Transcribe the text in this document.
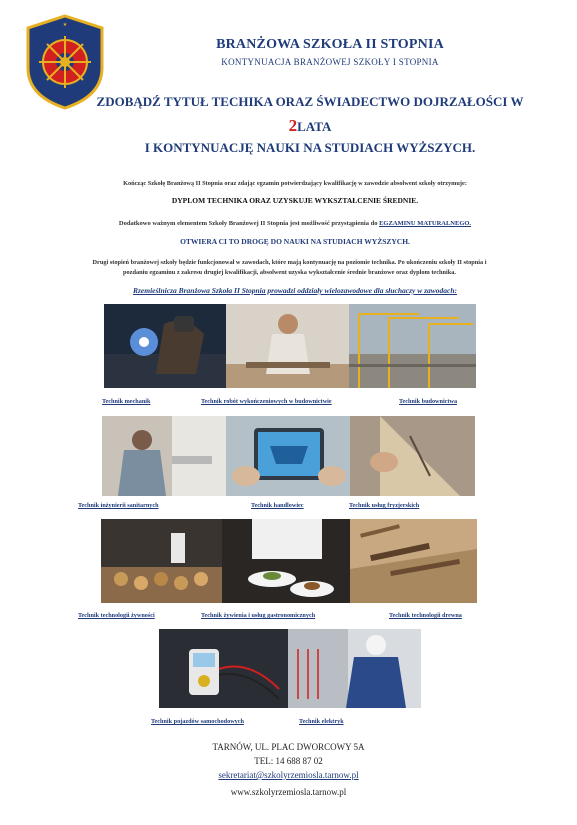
★
BRANŻOWA SZKOŁA II STOPNIA
KONTYNUACJA BRANŻOWEJ SZKOŁY I STOPNIA
ZDOBĄDŹ TYTUŁ TECHIKA ORAZ ŚWIADECTWO DOJRZAŁOŚCI W
2LATA
I KONTYNUACJĘ NAUKI NA STUDIACH WYŻSZYCH.
Kończąc Szkołę Branżową II Stopnia oraz zdając egzamin potwierdzający kwalifikację w zawodzie absolwent szkoły otrzymuje:
DYPLOM TECHNIKA ORAZ UZYSKUJE WYKSZTAŁCENIE ŚREDNIE.
Dodatkowo ważnym elementem Szkoły Branżowej II Stopnia jest możliwość przystąpienia do EGZAMINU MATURALNEGO.
OTWIERA CI TO DROGĘ DO NAUKI NA STUDIACH WYŻSZYCH.
Drugi stopień branżowej szkoły będzie funkcjonował w zawodach, które mają kontynuację na poziomie technika. Po ukończeniu szkoły II stopnia i
pozdaniu egzaminu z zakresu drugiej kwalifikacji, absolwent uzyska wykształcenie średnie branżowe oraz dyplom technika.
Rzemieślnicza Branżowa Szkoła II Stopnia prowadzi oddziały wielozawodowe dla słuchaczy w zawodach:
Technik mechanik	Technik robót wykończeniowych w budownictwie	Technik budownictwa
Technik inżynierii sanitarnych	Technik handlowiec	Technik usług fryzjerskich
Technik technologii żywności	Technik żywienia i usług gastronomicznych	Technik technologii drewna
Technik pojazdów samochodowych	Technik elektryk
TARNÓW, UL. PLAC DWORCOWY 5A
TEL: 14 688 87 02
sekretariat@szkolyrzemiosla.tarnow.pl
www.szkolyrzemiosla.tarnow.pl
